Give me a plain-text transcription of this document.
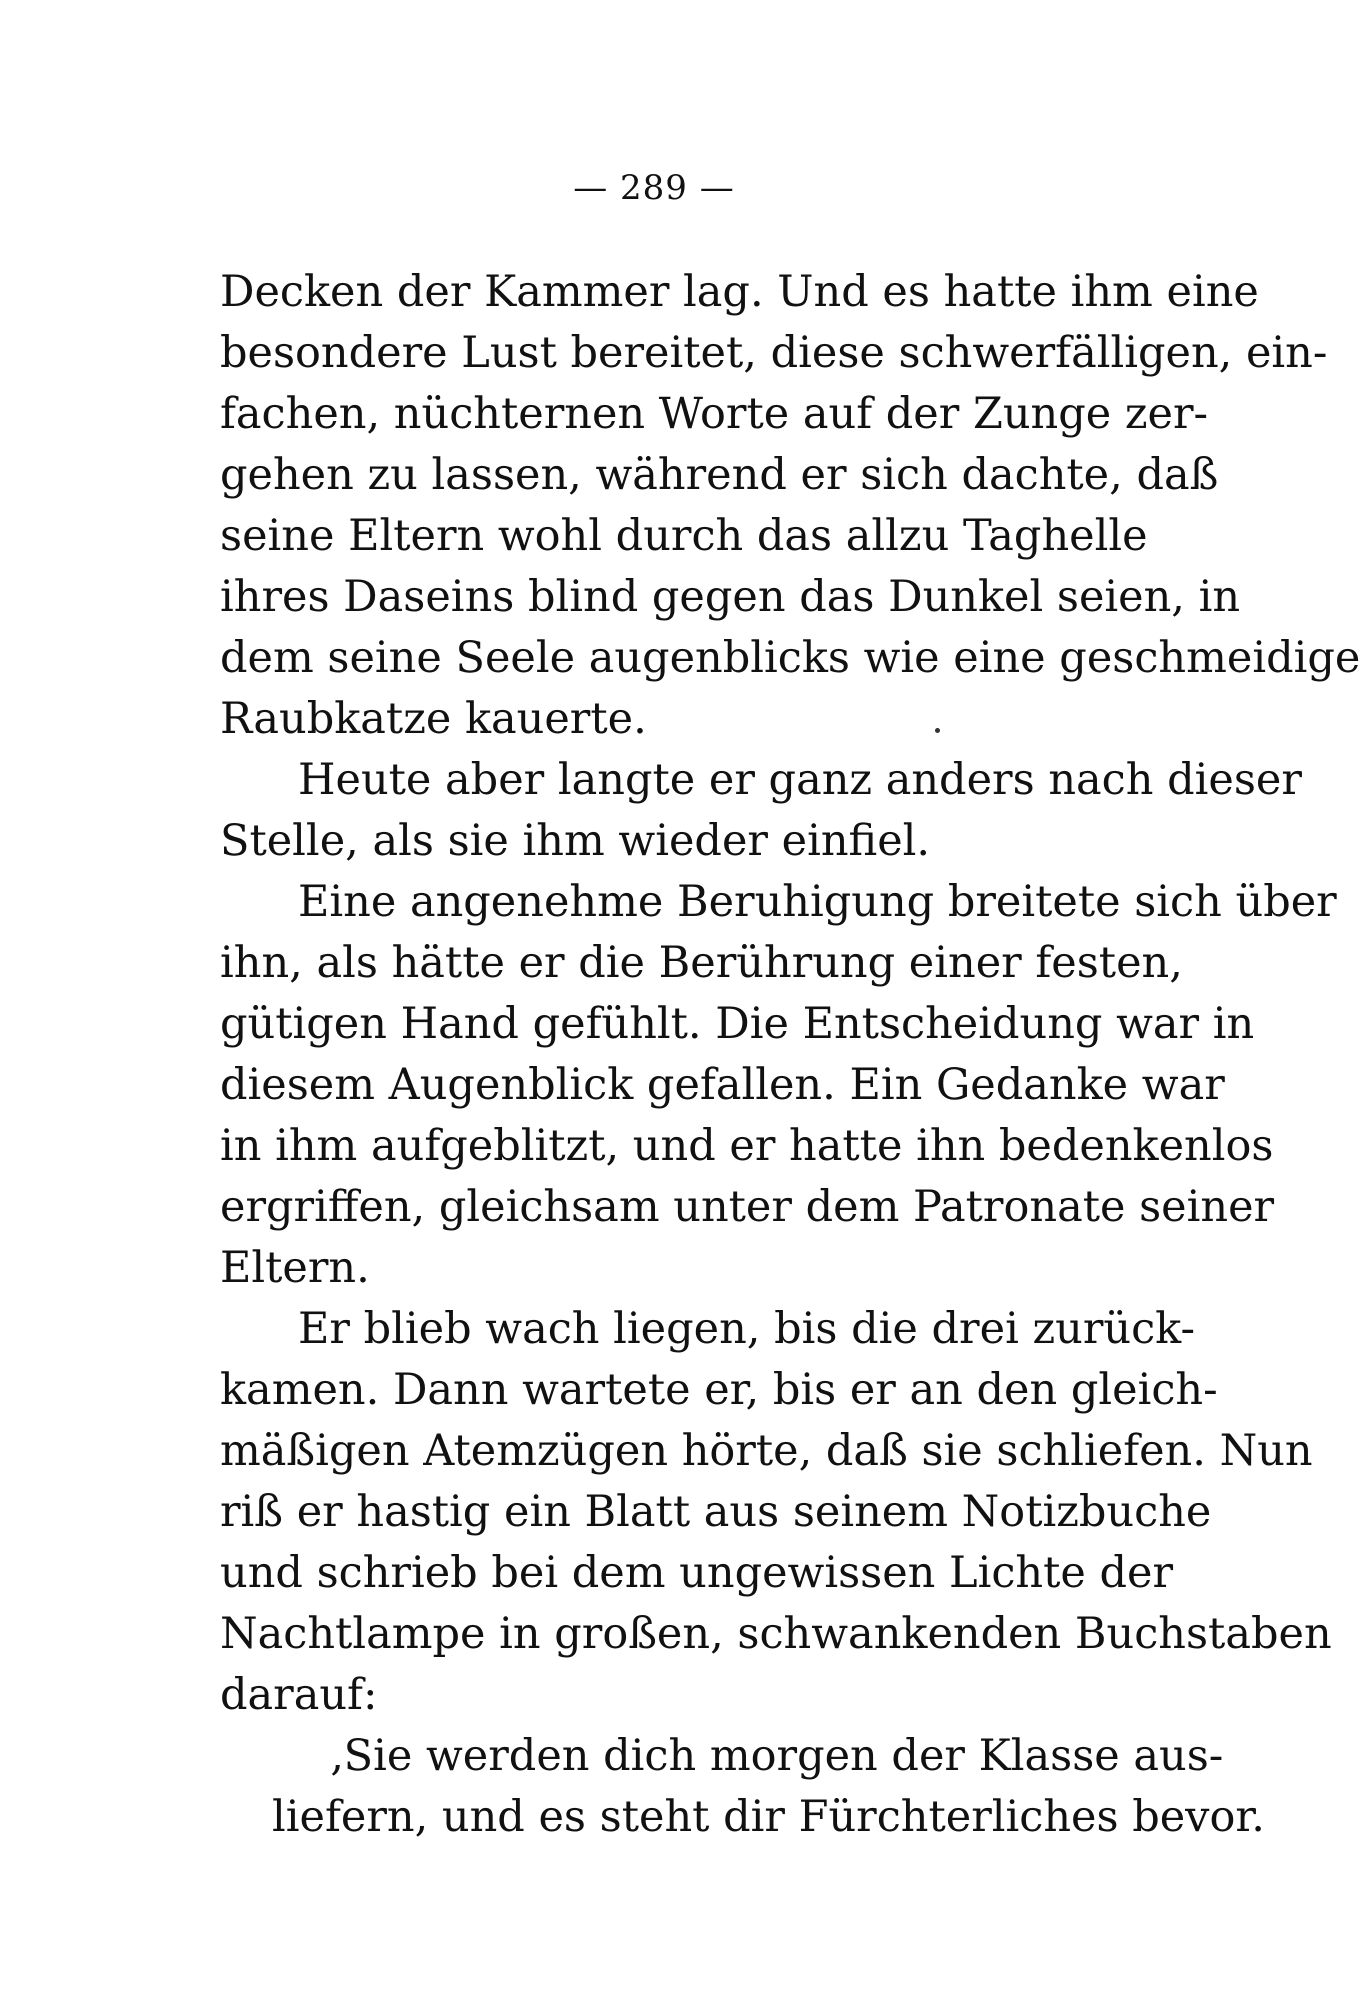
— 289 —
Decken der Kammer lag. Und es hatte ihm eine
besondere Lust bereitet, diese schwerfälligen, ein-
fachen, nüchternen Worte auf der Zunge zer-
gehen zu lassen, während er sich dachte, daß
seine Eltern wohl durch das allzu Taghelle
ihres Daseins blind gegen das Dunkel seien, in
dem seine Seele augenblicks wie eine geschmeidige
Raubkatze kauerte.
Heute aber langte er ganz anders nach dieser
Stelle, als sie ihm wieder einfiel.
Eine angenehme Beruhigung breitete sich über
ihn, als hätte er die Berührung einer festen,
gütigen Hand gefühlt. Die Entscheidung war in
diesem Augenblick gefallen. Ein Gedanke war
in ihm aufgeblitzt, und er hatte ihn bedenkenlos
ergriffen, gleichsam unter dem Patronate seiner
Eltern.
Er blieb wach liegen, bis die drei zurück-
kamen. Dann wartete er, bis er an den gleich-
mäßigen Atemzügen hörte, daß sie schliefen. Nun
riß er hastig ein Blatt aus seinem Notizbuche
und schrieb bei dem ungewissen Lichte der
Nachtlampe in großen, schwankenden Buchstaben
darauf:
‚Sie werden dich morgen der Klasse aus-
liefern, und es steht dir Fürchterliches bevor.
